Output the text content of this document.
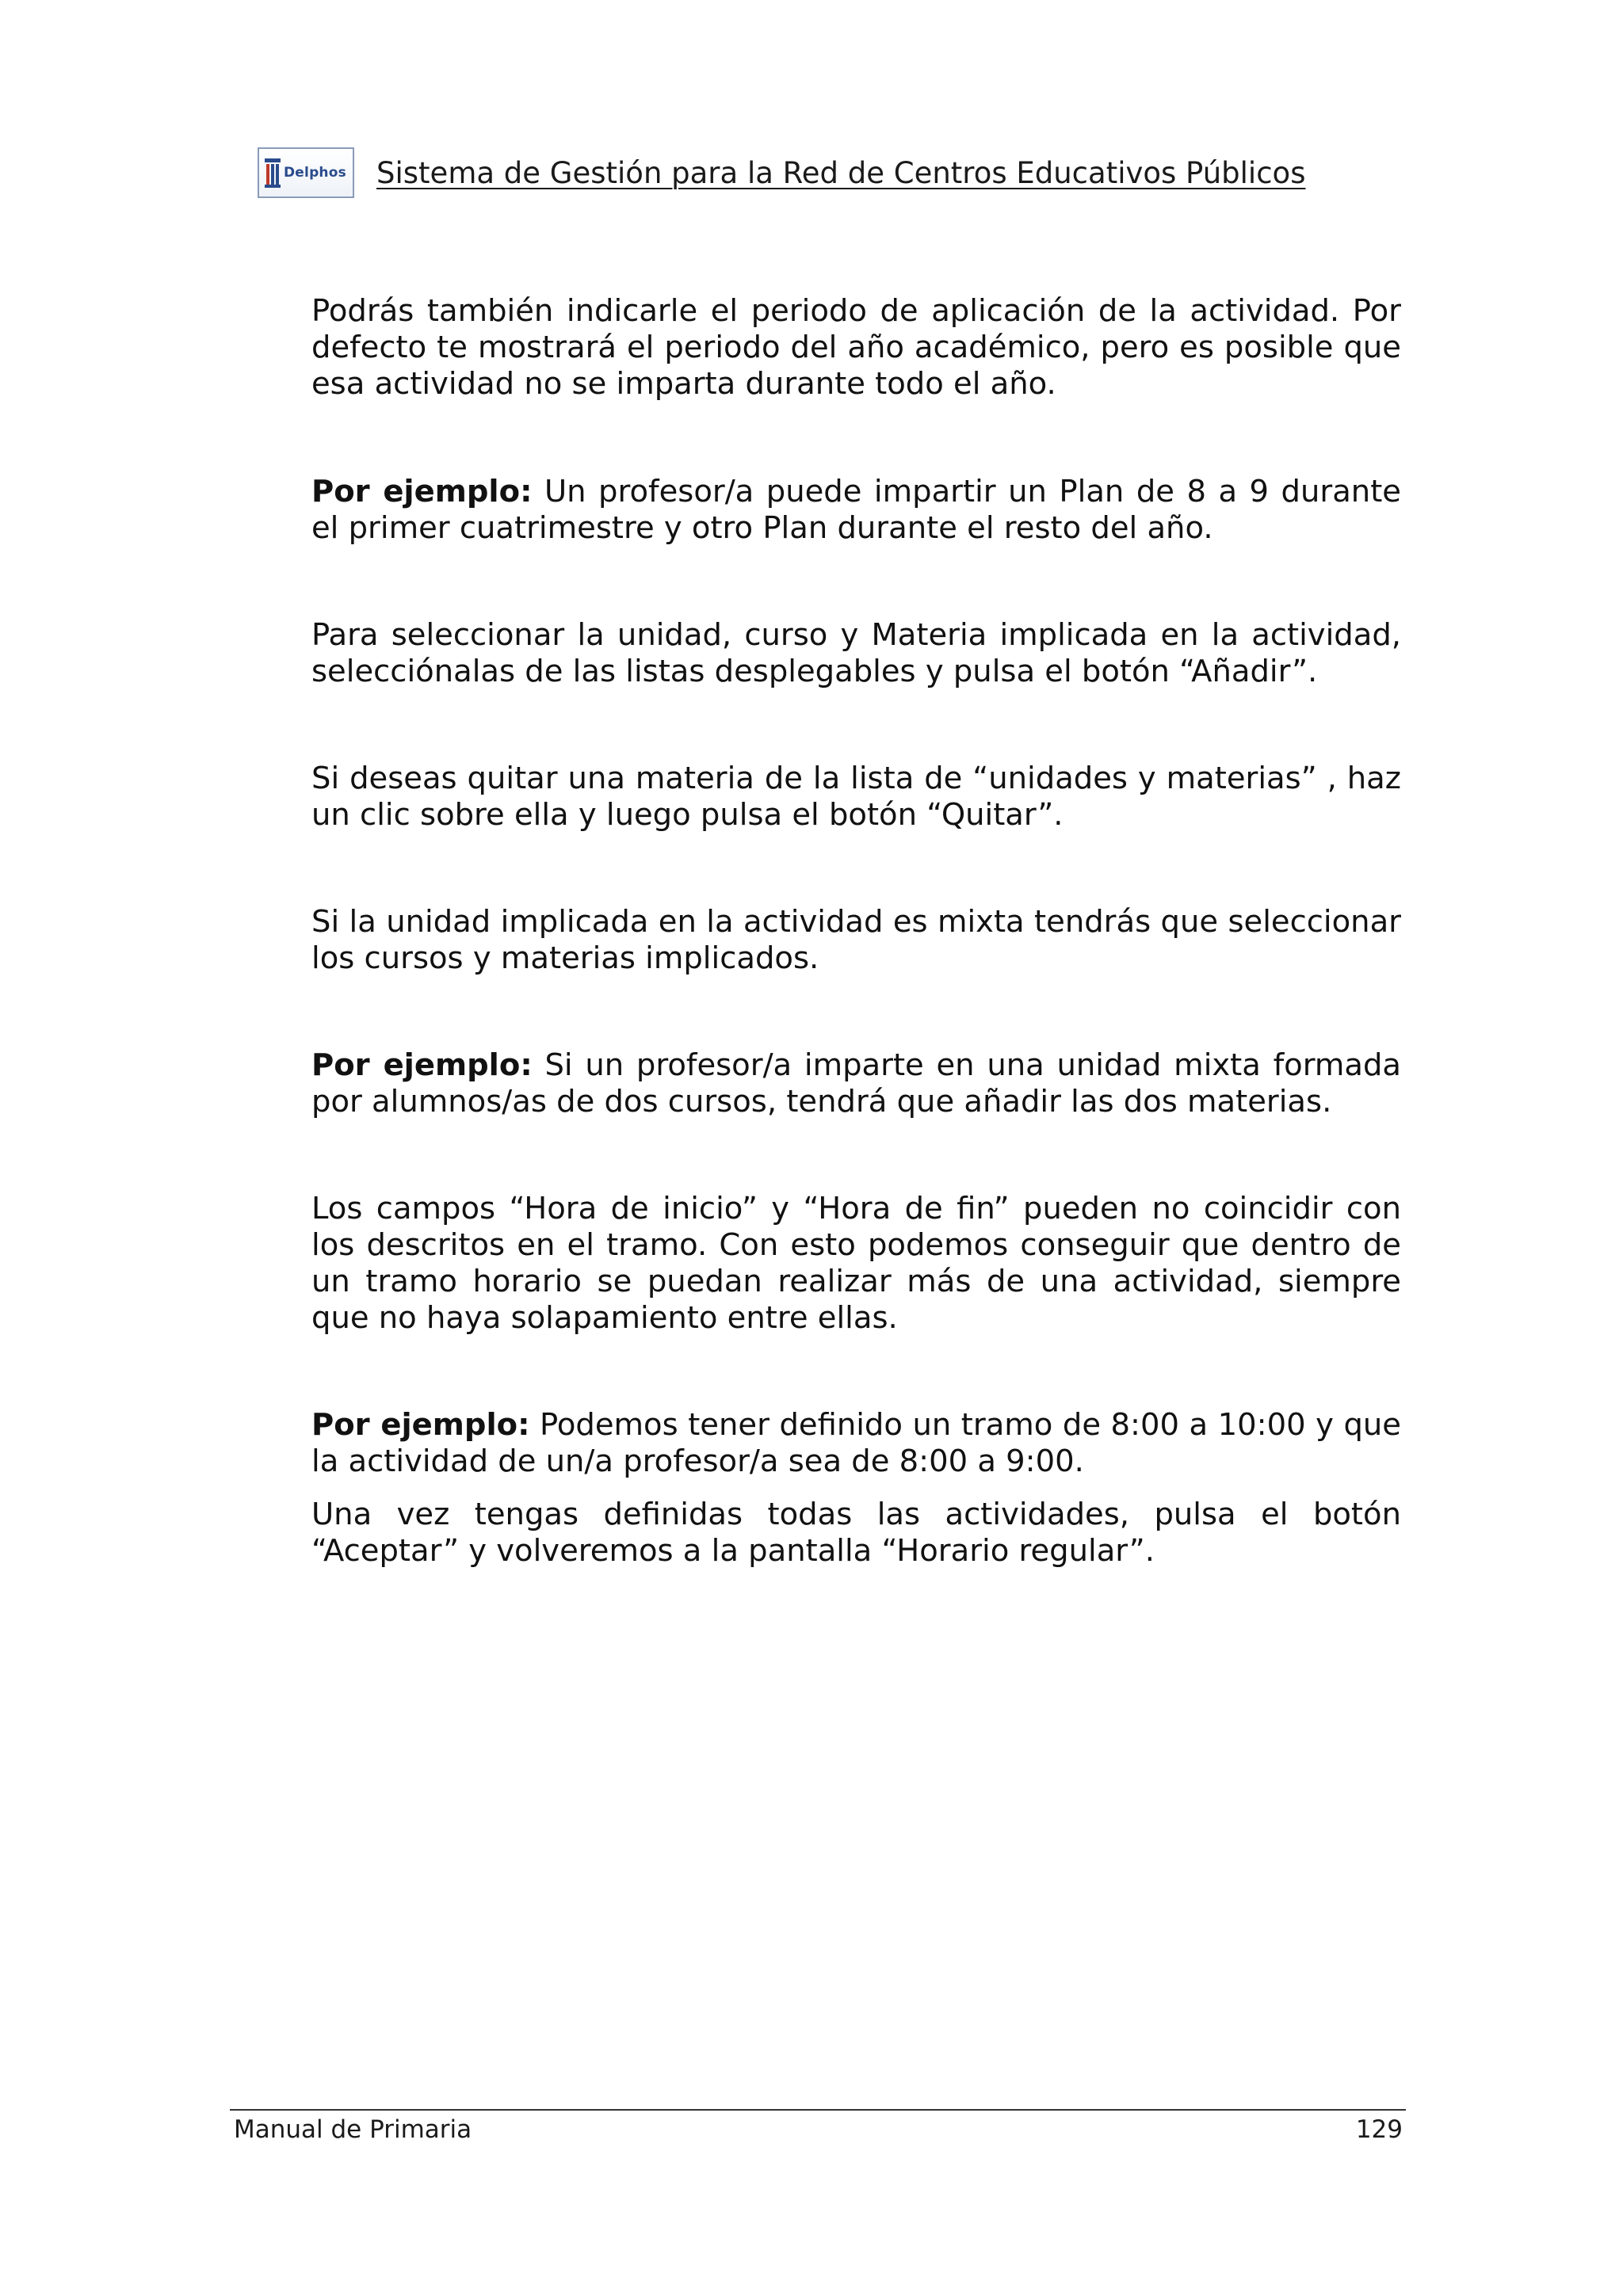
Delphos Sistema de Gestión para la Red de Centros Educativos Públicos

Podrás también indicarle el periodo de aplicación de la actividad. Por defecto te mostrará el periodo del año académico, pero es posible que esa actividad no se imparta durante todo el año.

Por ejemplo: Un profesor/a puede impartir un Plan de 8 a 9 durante el primer cuatrimestre y otro Plan durante el resto del año.

Para seleccionar la unidad, curso y Materia implicada en la actividad, selecciónalas de las listas desplegables y pulsa el botón “Añadir”.

Si deseas quitar una materia de la lista de “unidades y materias” , haz un clic sobre ella y luego pulsa el botón “Quitar”.

Si la unidad implicada en la actividad es mixta tendrás que seleccionar los cursos y materias implicados.

Por ejemplo: Si un profesor/a imparte en una unidad mixta formada por alumnos/as de dos cursos, tendrá que añadir las dos materias.

Los campos “Hora de inicio” y “Hora de fin” pueden no coincidir con los descritos en el tramo. Con esto podemos conseguir que dentro de un tramo horario se puedan realizar más de una actividad, siempre que no haya solapamiento entre ellas.

Por ejemplo: Podemos tener definido un tramo de 8:00 a 10:00 y que la actividad de un/a profesor/a sea de 8:00 a 9:00.

Una vez tengas definidas todas las actividades, pulsa el botón “Aceptar” y volveremos a la pantalla “Horario regular”.

Manual de Primaria	129
